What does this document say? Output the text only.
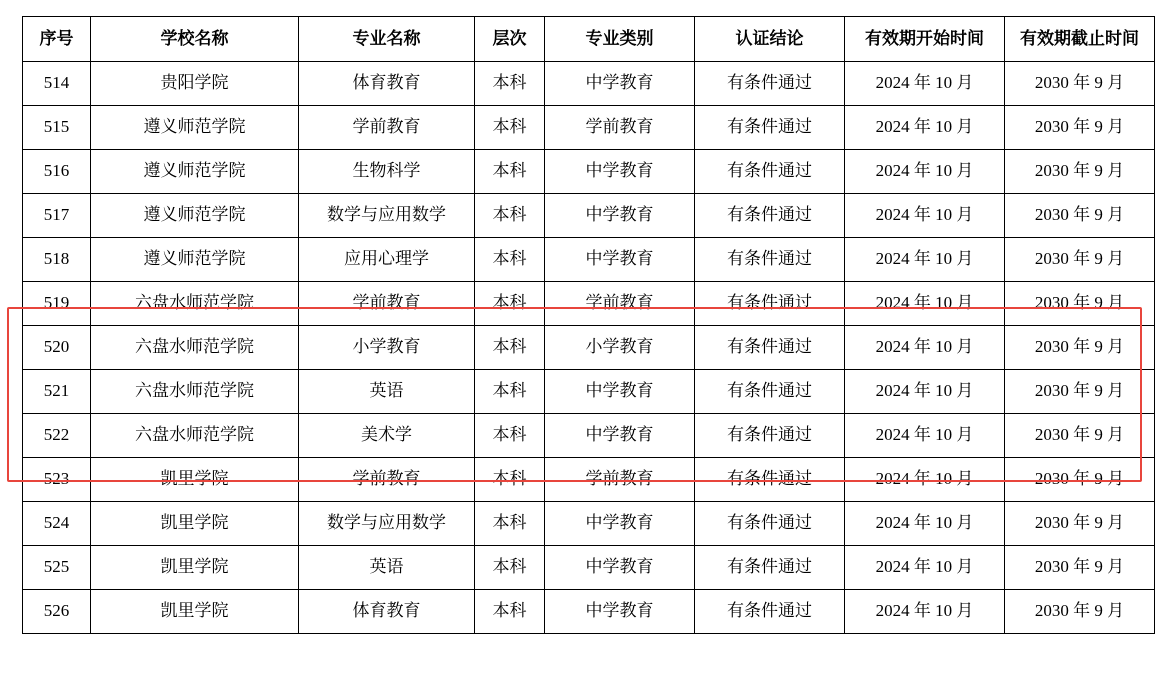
序号	学校名称	专业名称	层次	专业类别	认证结论	有效期开始时间	有效期截止时间
514	贵阳学院	体育教育	本科	中学教育	有条件通过	2024 年 10 月	2030 年 9 月
515	遵义师范学院	学前教育	本科	学前教育	有条件通过	2024 年 10 月	2030 年 9 月
516	遵义师范学院	生物科学	本科	中学教育	有条件通过	2024 年 10 月	2030 年 9 月
517	遵义师范学院	数学与应用数学	本科	中学教育	有条件通过	2024 年 10 月	2030 年 9 月
518	遵义师范学院	应用心理学	本科	中学教育	有条件通过	2024 年 10 月	2030 年 9 月
519	六盘水师范学院	学前教育	本科	学前教育	有条件通过	2024 年 10 月	2030 年 9 月
520	六盘水师范学院	小学教育	本科	小学教育	有条件通过	2024 年 10 月	2030 年 9 月
521	六盘水师范学院	英语	本科	中学教育	有条件通过	2024 年 10 月	2030 年 9 月
522	六盘水师范学院	美术学	本科	中学教育	有条件通过	2024 年 10 月	2030 年 9 月
523	凯里学院	学前教育	本科	学前教育	有条件通过	2024 年 10 月	2030 年 9 月
524	凯里学院	数学与应用数学	本科	中学教育	有条件通过	2024 年 10 月	2030 年 9 月
525	凯里学院	英语	本科	中学教育	有条件通过	2024 年 10 月	2030 年 9 月
526	凯里学院	体育教育	本科	中学教育	有条件通过	2024 年 10 月	2030 年 9 月
